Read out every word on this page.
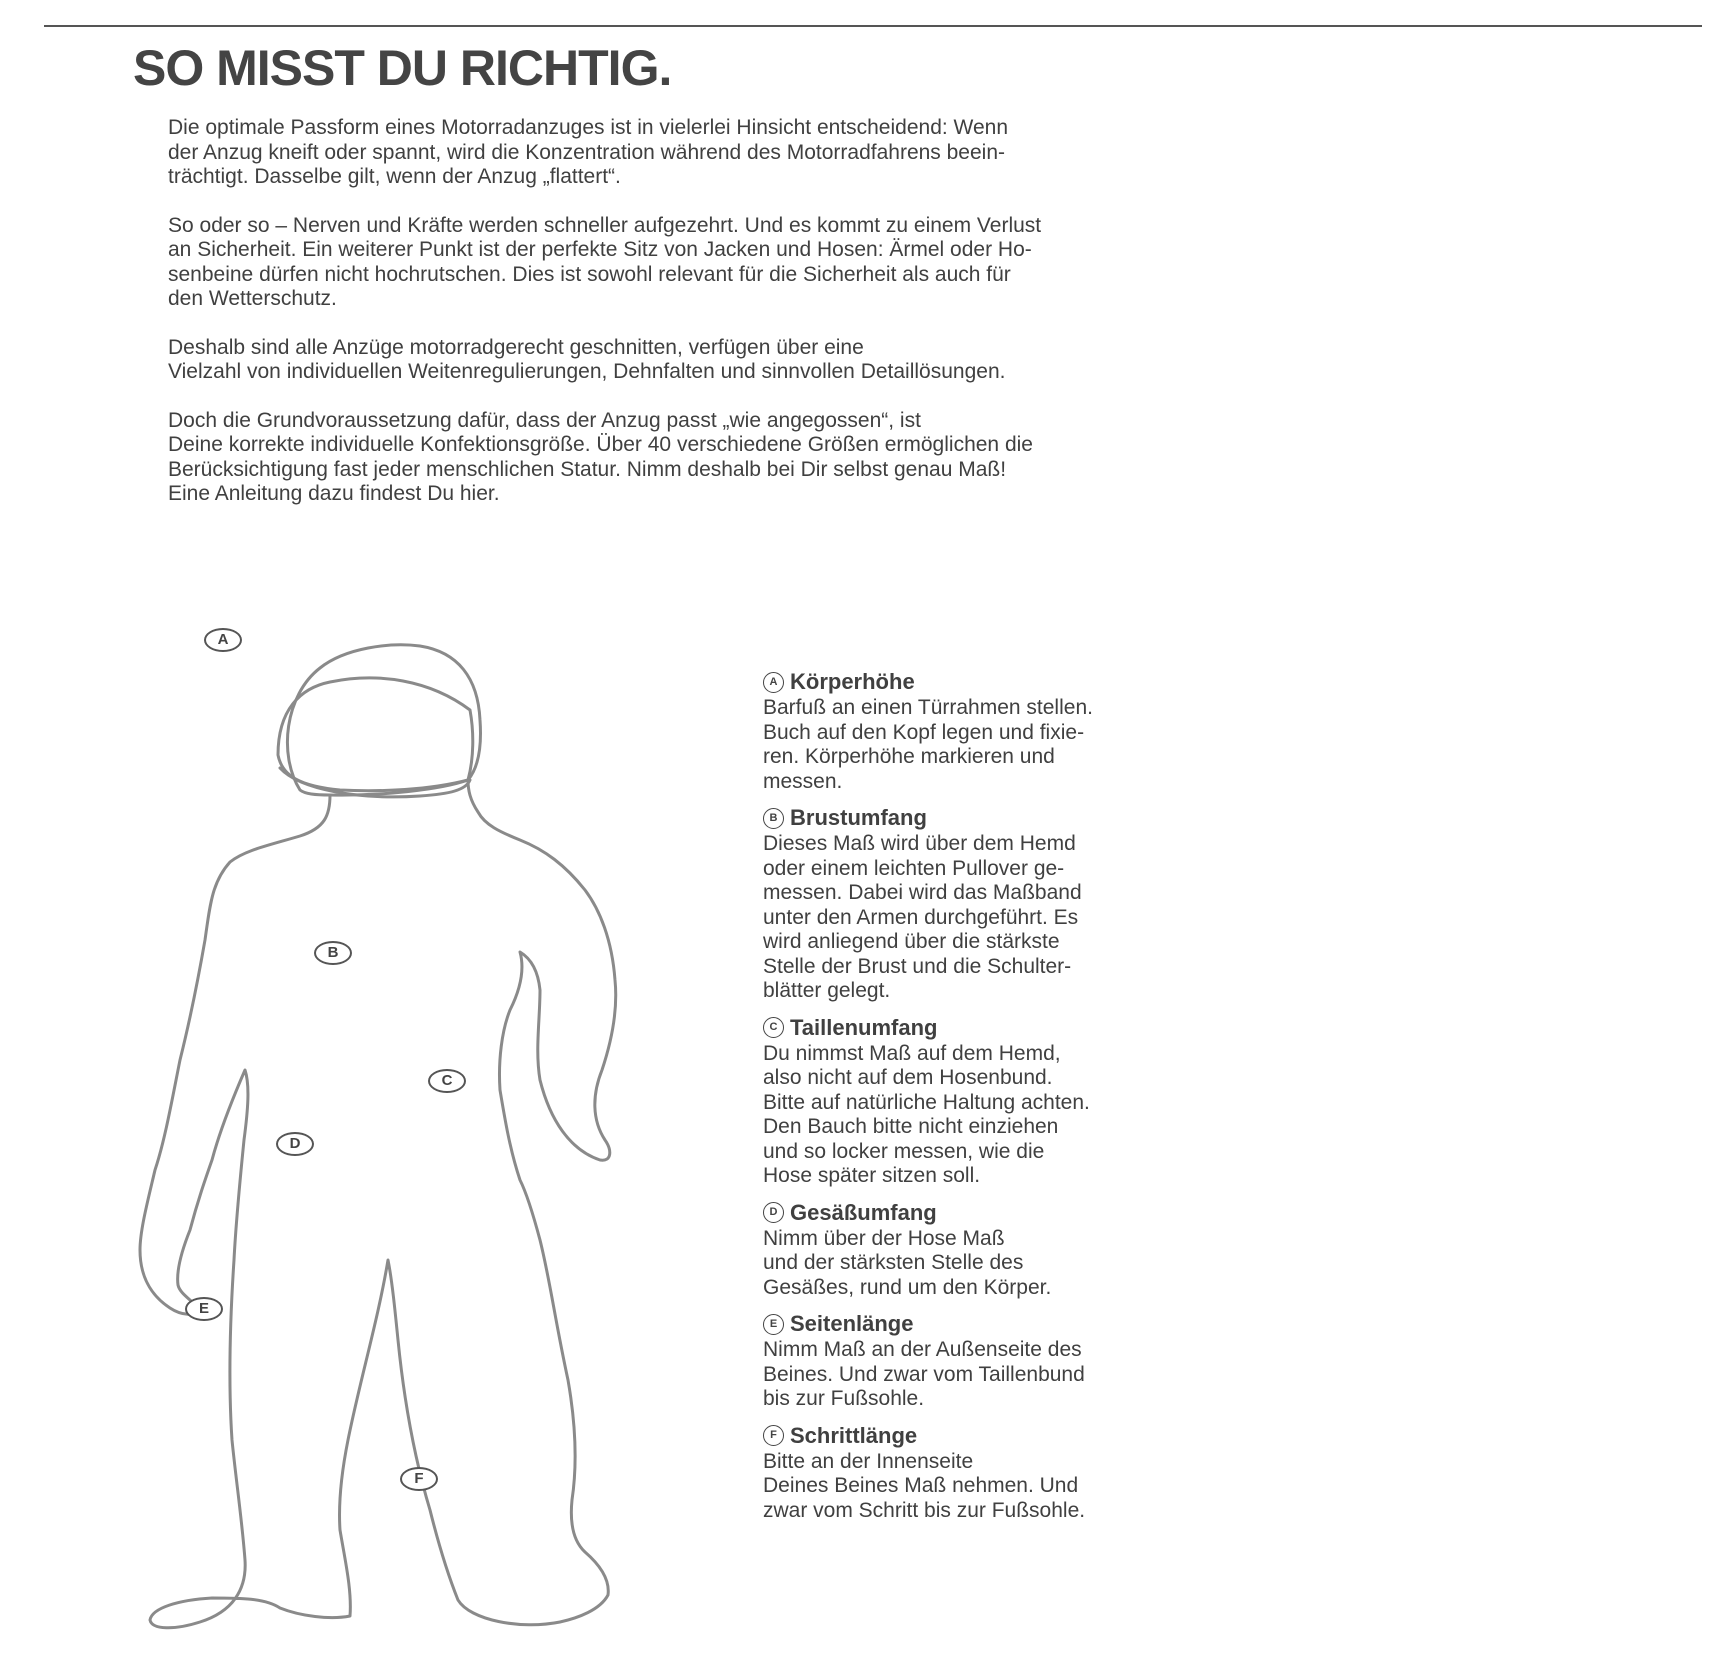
SO MISST DU RICHTIG.

Die optimale Passform eines Motorradanzuges ist in vielerlei Hinsicht entscheidend: Wenn
der Anzug kneift oder spannt, wird die Konzentration während des Motorradfahrens beein-
trächtigt. Dasselbe gilt, wenn der Anzug „flattert“.

So oder so – Nerven und Kräfte werden schneller aufgezehrt. Und es kommt zu einem Verlust
an Sicherheit. Ein weiterer Punkt ist der perfekte Sitz von Jacken und Hosen: Ärmel oder Ho-
senbeine dürfen nicht hochrutschen. Dies ist sowohl relevant für die Sicherheit als auch für
den Wetterschutz.

Deshalb sind alle Anzüge motorradgerecht geschnitten, verfügen über eine
Vielzahl von individuellen Weitenregulierungen, Dehnfalten und sinnvollen Detaillösungen.

Doch die Grundvoraussetzung dafür, dass der Anzug passt „wie angegossen“, ist
Deine korrekte individuelle Konfektionsgröße. Über 40 verschiedene Größen ermöglichen die
Berücksichtigung fast jeder menschlichen Statur. Nimm deshalb bei Dir selbst genau Maß!
Eine Anleitung dazu findest Du hier.

A
B
C
D
E
F
A Körperhöhe
Barfuß an einen Türrahmen stellen.
Buch auf den Kopf legen und fixie-
ren. Körperhöhe markieren und
messen.
B Brustumfang
Dieses Maß wird über dem Hemd
oder einem leichten Pullover ge-
messen. Dabei wird das Maßband
unter den Armen durchgeführt. Es
wird anliegend über die stärkste
Stelle der Brust und die Schulter-
blätter gelegt.
C Taillenumfang
Du nimmst Maß auf dem Hemd,
also nicht auf dem Hosenbund.
Bitte auf natürliche Haltung achten.
Den Bauch bitte nicht einziehen
und so locker messen, wie die
Hose später sitzen soll.
D Gesäßumfang
Nimm über der Hose Maß
und der stärksten Stelle des
Gesäßes, rund um den Körper.
E Seitenlänge
Nimm Maß an der Außenseite des
Beines. Und zwar vom Taillenbund
bis zur Fußsohle.
F Schrittlänge
Bitte an der Innenseite
Deines Beines Maß nehmen. Und
zwar vom Schritt bis zur Fußsohle.
